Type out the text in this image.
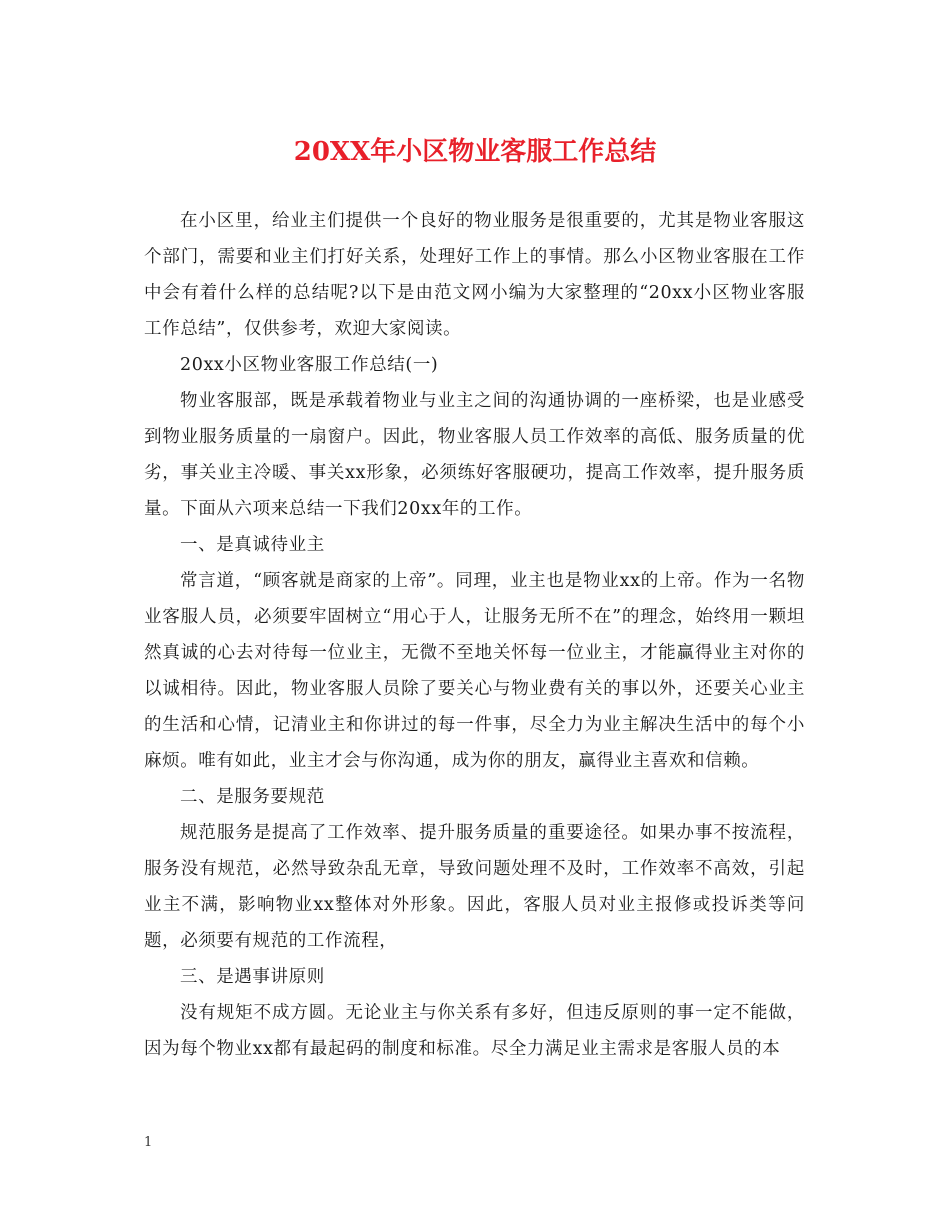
20XX年小区物业客服工作总结

在小区里，给业主们提供一个良好的物业服务是很重要的，尤其是物业客服这个部门，需要和业主们打好关系，处理好工作上的事情。那么小区物业客服在工作中会有着什么样的总结呢?以下是由范文网小编为大家整理的“20xx小区物业客服工作总结”，仅供参考，欢迎大家阅读。

20xx小区物业客服工作总结(一)

物业客服部，既是承载着物业与业主之间的沟通协调的一座桥梁，也是业感受到物业服务质量的一扇窗户。因此，物业客服人员工作效率的高低、服务质量的优劣，事关业主冷暖、事关xx形象，必须练好客服硬功，提高工作效率，提升服务质量。下面从六项来总结一下我们20xx年的工作。

一、是真诚待业主

常言道，“顾客就是商家的上帝”。同理，业主也是物业xx的上帝。作为一名物业客服人员，必须要牢固树立“用心于人，让服务无所不在”的理念，始终用一颗坦然真诚的心去对待每一位业主，无微不至地关怀每一位业主，才能赢得业主对你的以诚相待。因此，物业客服人员除了要关心与物业费有关的事以外，还要关心业主的生活和心情，记清业主和你讲过的每一件事，尽全力为业主解决生活中的每个小麻烦。唯有如此，业主才会与你沟通，成为你的朋友，赢得业主喜欢和信赖。

二、是服务要规范

规范服务是提高了工作效率、提升服务质量的重要途径。如果办事不按流程，服务没有规范，必然导致杂乱无章，导致问题处理不及时，工作效率不高效，引起业主不满，影响物业xx整体对外形象。因此，客服人员对业主报修或投诉类等问题，必须要有规范的工作流程，

三、是遇事讲原则

没有规矩不成方圆。无论业主与你关系有多好，但违反原则的事一定不能做，因为每个物业xx都有最起码的制度和标准。尽全力满足业主需求是客服人员的本

1
